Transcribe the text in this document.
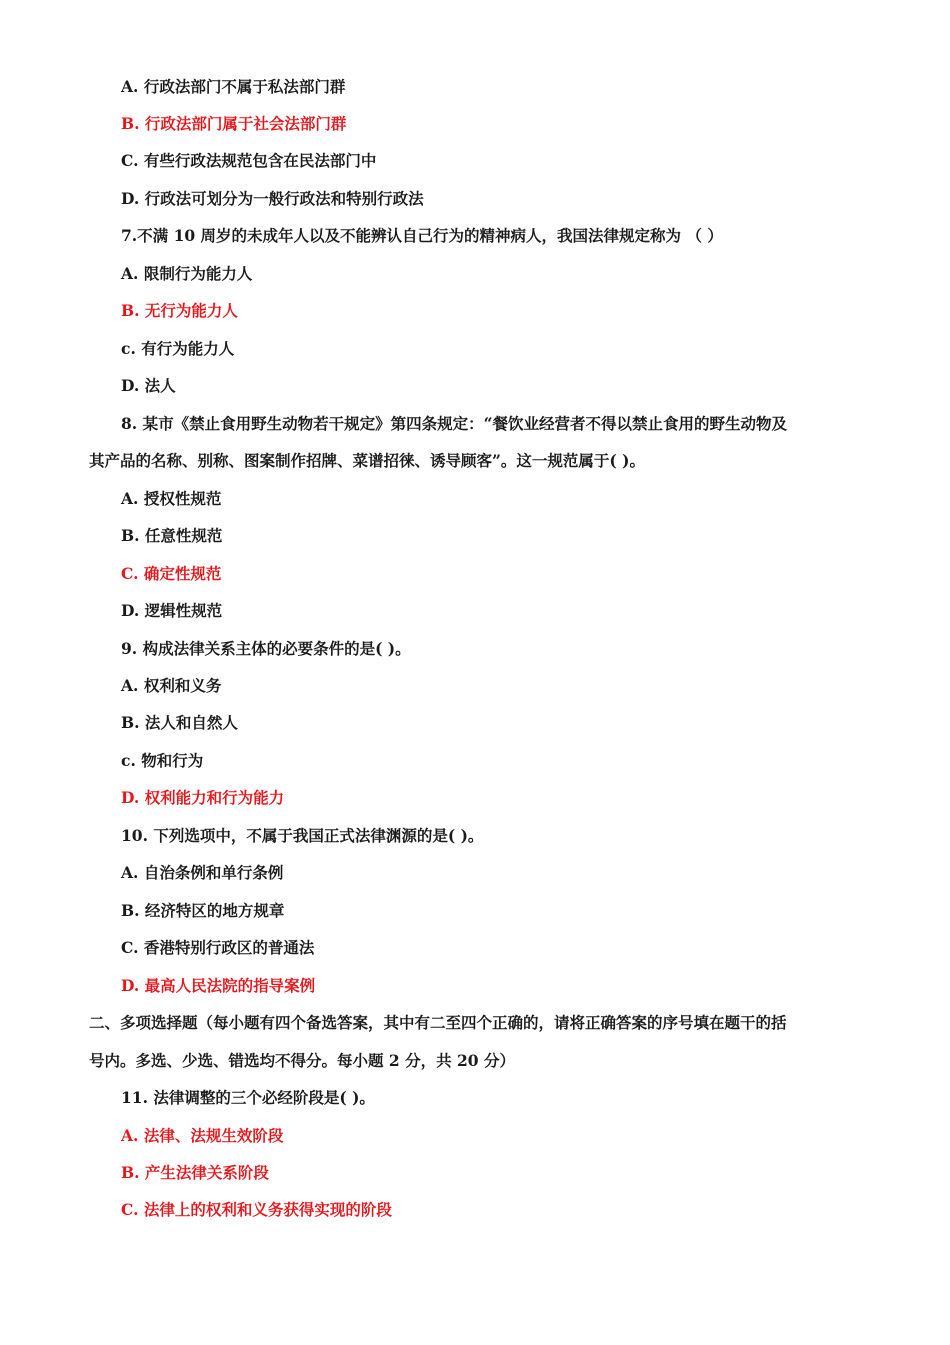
A. 行政法部门不属于私法部门群
B. 行政法部门属于社会法部门群
C. 有些行政法规范包含在民法部门中
D. 行政法可划分为一般行政法和特别行政法
7.不满 10 周岁的未成年人以及不能辨认自己行为的精神病人，我国法律规定称为 （ ）
A. 限制行为能力人
B. 无行为能力人
c. 有行为能力人
D. 法人
8. 某市《禁止食用野生动物若干规定》第四条规定：“餐饮业经营者不得以禁止食用的野生动物及
其产品的名称、别称、图案制作招牌、菜谱招徕、诱导顾客”。这一规范属于( )。
A. 授权性规范
B. 任意性规范
C. 确定性规范
D. 逻辑性规范
9. 构成法律关系主体的必要条件的是( )。
A. 权利和义务
B. 法人和自然人
c. 物和行为
D. 权利能力和行为能力
10. 下列选项中，不属于我国正式法律渊源的是( )。
A. 自治条例和单行条例
B. 经济特区的地方规章
C. 香港特别行政区的普通法
D. 最高人民法院的指导案例
二、多项选择题（每小题有四个备选答案，其中有二至四个正确的，请将正确答案的序号填在题干的括
号内。多选、少选、错选均不得分。每小题 2 分，共 20 分）
11. 法律调整的三个必经阶段是( )。
A. 法律、法规生效阶段
B. 产生法律关系阶段
C. 法律上的权利和义务获得实现的阶段
